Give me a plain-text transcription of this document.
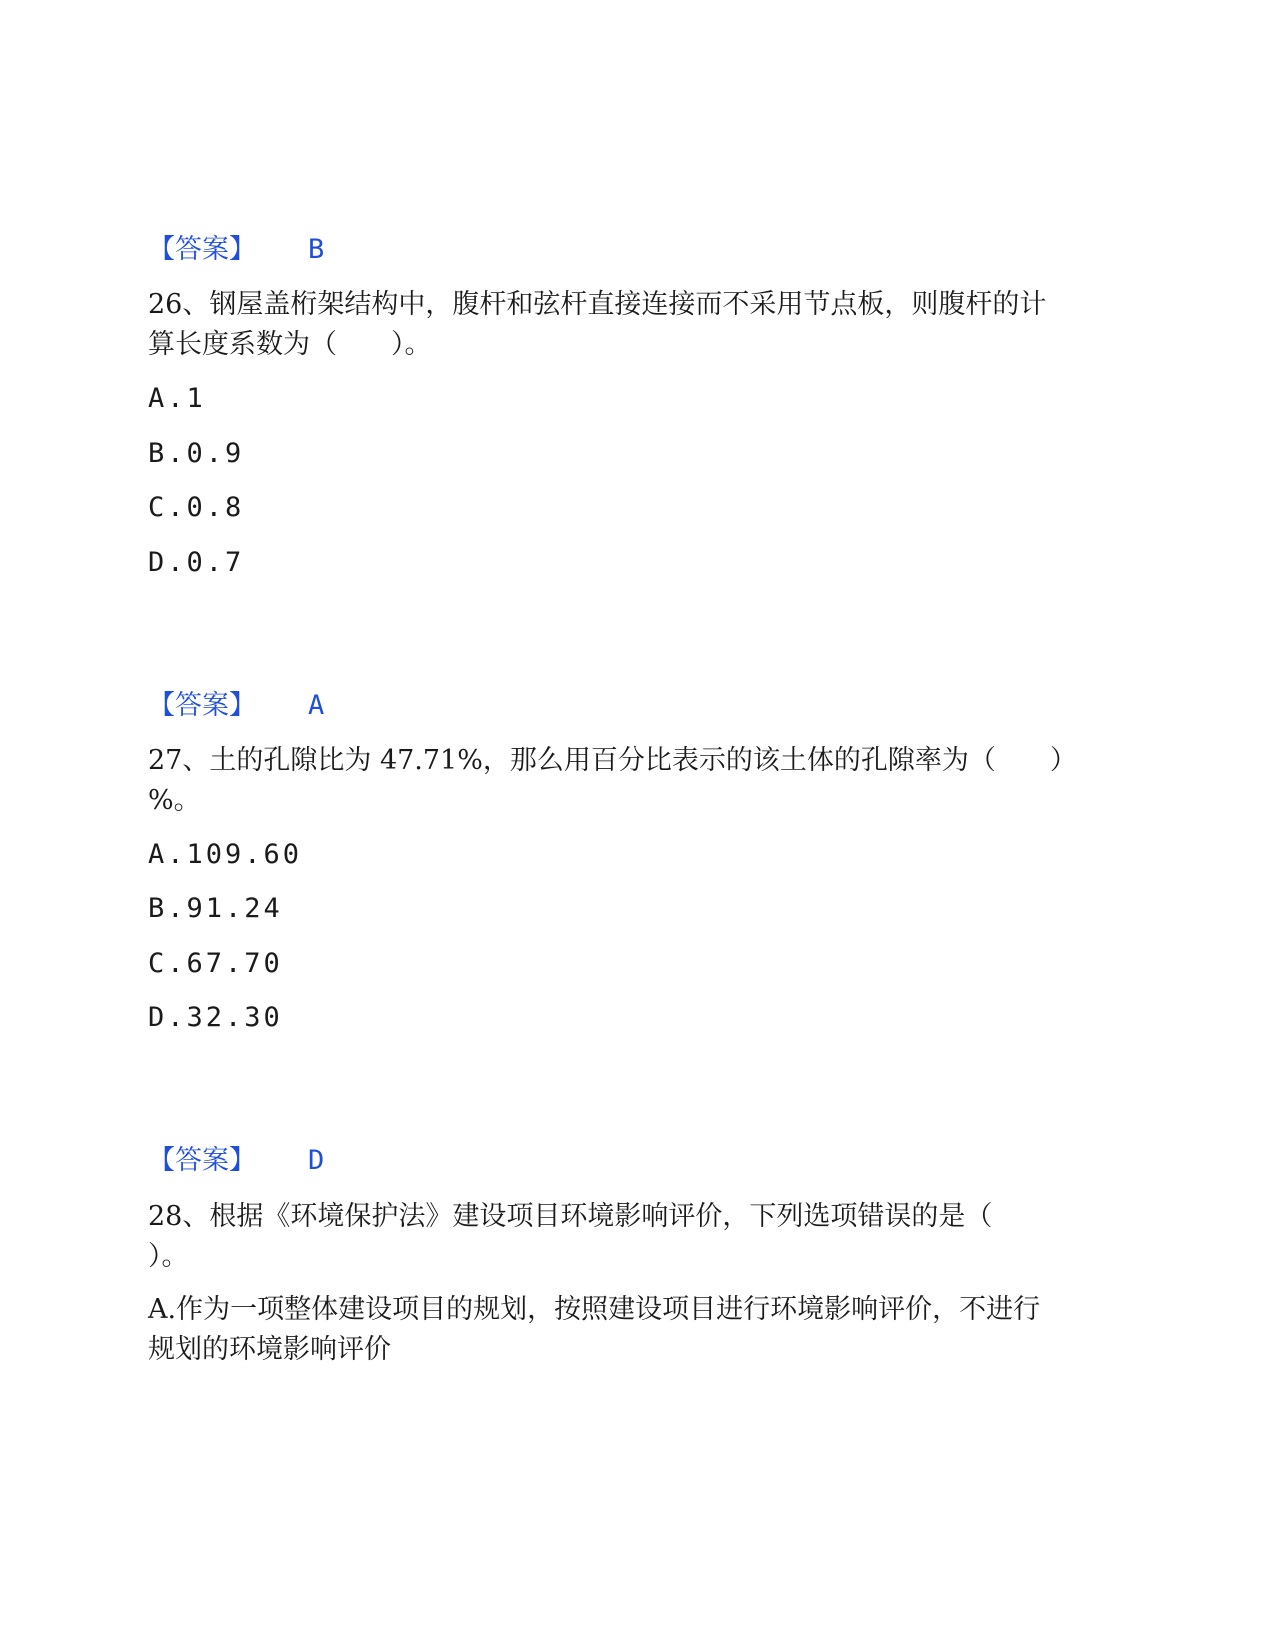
【答案】 B
26、钢屋盖桁架结构中，腹杆和弦杆直接连接而不采用节点板，则腹杆的计
算长度系数为（　　）。
A.1
B.0.9
C.0.8
D.0.7
【答案】 A
27、土的孔隙比为 47.71%，那么用百分比表示的该土体的孔隙率为（　　）
%。
A.109.60
B.91.24
C.67.70
D.32.30
【答案】 D
28、根据《环境保护法》建设项目环境影响评价，下列选项错误的是（
）。
A.作为一项整体建设项目的规划，按照建设项目进行环境影响评价，不进行
规划的环境影响评价
